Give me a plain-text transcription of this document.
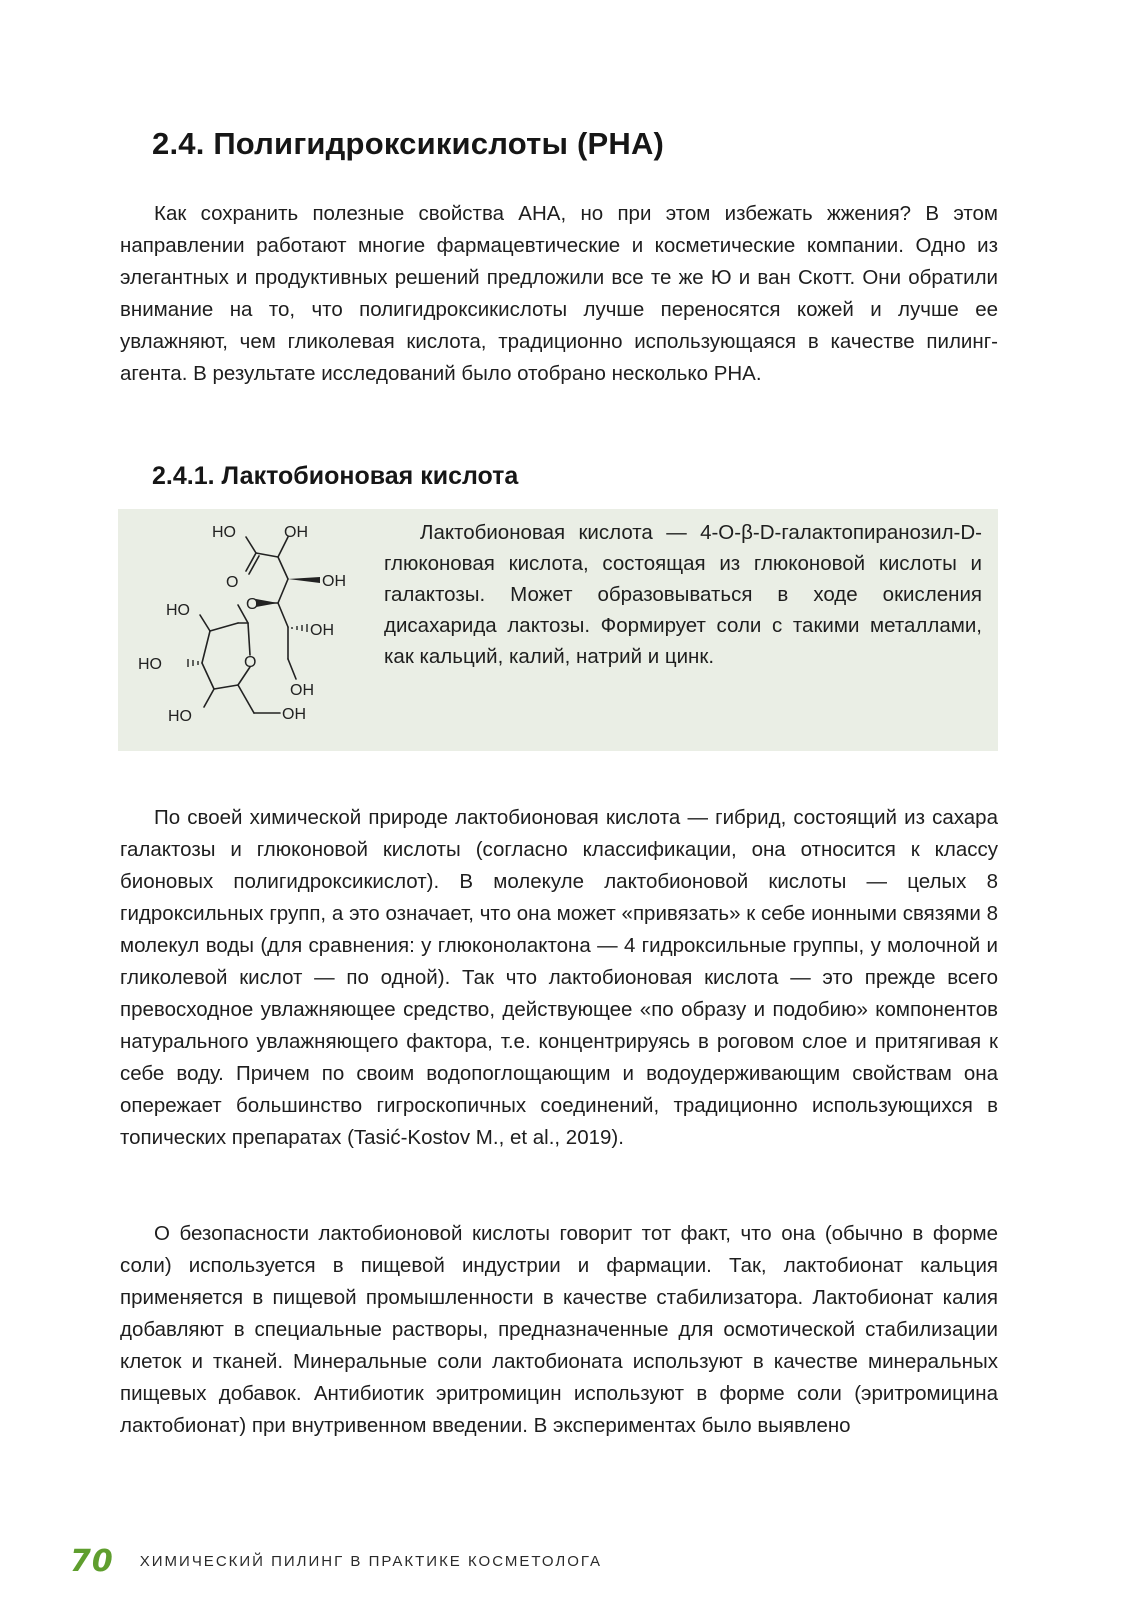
2.4. Полигидроксикислоты (PHA)

Как сохранить полезные свойства АНА, но при этом избежать жжения? В этом направлении работают многие фармацевтические и косметические компании. Одно из элегантных и продуктивных решений предложили все те же Ю и ван Скотт. Они обратили внимание на то, что полигидроксикислоты лучше переносятся кожей и лучше ее увлажняют, чем гликолевая кислота, традиционно использующаяся в качестве пилинг-агента. В результате исследований было отобрано несколько PHA.

2.4.1. Лактобионовая кислота
HO	OH
O	OH
HO	O
OH
HO	O
OH
HO	OH

Лактобионовая кислота — 4-О-β-D-галактопиранозил-D-глюконовая кислота, состоящая из глюконовой кислоты и галактозы. Может образовываться в ходе окисления дисахарида лактозы. Формирует соли с такими металлами, как кальций, калий, натрий и цинк.

По своей химической природе лактобионовая кислота — гибрид, состоящий из сахара галактозы и глюконовой кислоты (согласно классификации, она относится к классу бионовых полигидроксикислот). В молекуле лактобионовой кислоты — целых 8 гидроксильных групп, а это означает, что она может «привязать» к себе ионными связями 8 молекул воды (для сравнения: у глюконолактона — 4 гидроксильные группы, у молочной и гликолевой кислот — по одной). Так что лактобионовая кислота — это прежде всего превосходное увлажняющее средство, действующее «по образу и подобию» компонентов натурального увлажняющего фактора, т.е. концентрируясь в роговом слое и притягивая к себе воду. Причем по своим водопоглощающим и водоудерживающим свойствам она опережает большинство гигроскопичных соединений, традиционно использующихся в топических препаратах (Tasić-Kostov M., et al., 2019).

О безопасности лактобионовой кислоты говорит тот факт, что она (обычно в форме соли) используется в пищевой индустрии и фармации. Так, лактобионат кальция применяется в пищевой промышленности в качестве стабилизатора. Лактобионат калия добавляют в специальные растворы, предназначенные для осмотической стабилизации клеток и тканей. Минеральные соли лактобионата используют в качестве минеральных пищевых добавок. Антибиотик эритромицин используют в форме соли (эритромицина лактобионат) при внутривенном введении. В экспериментах было выявлено

70 ХИМИЧЕСКИЙ ПИЛИНГ В ПРАКТИКЕ КОСМЕТОЛОГА
